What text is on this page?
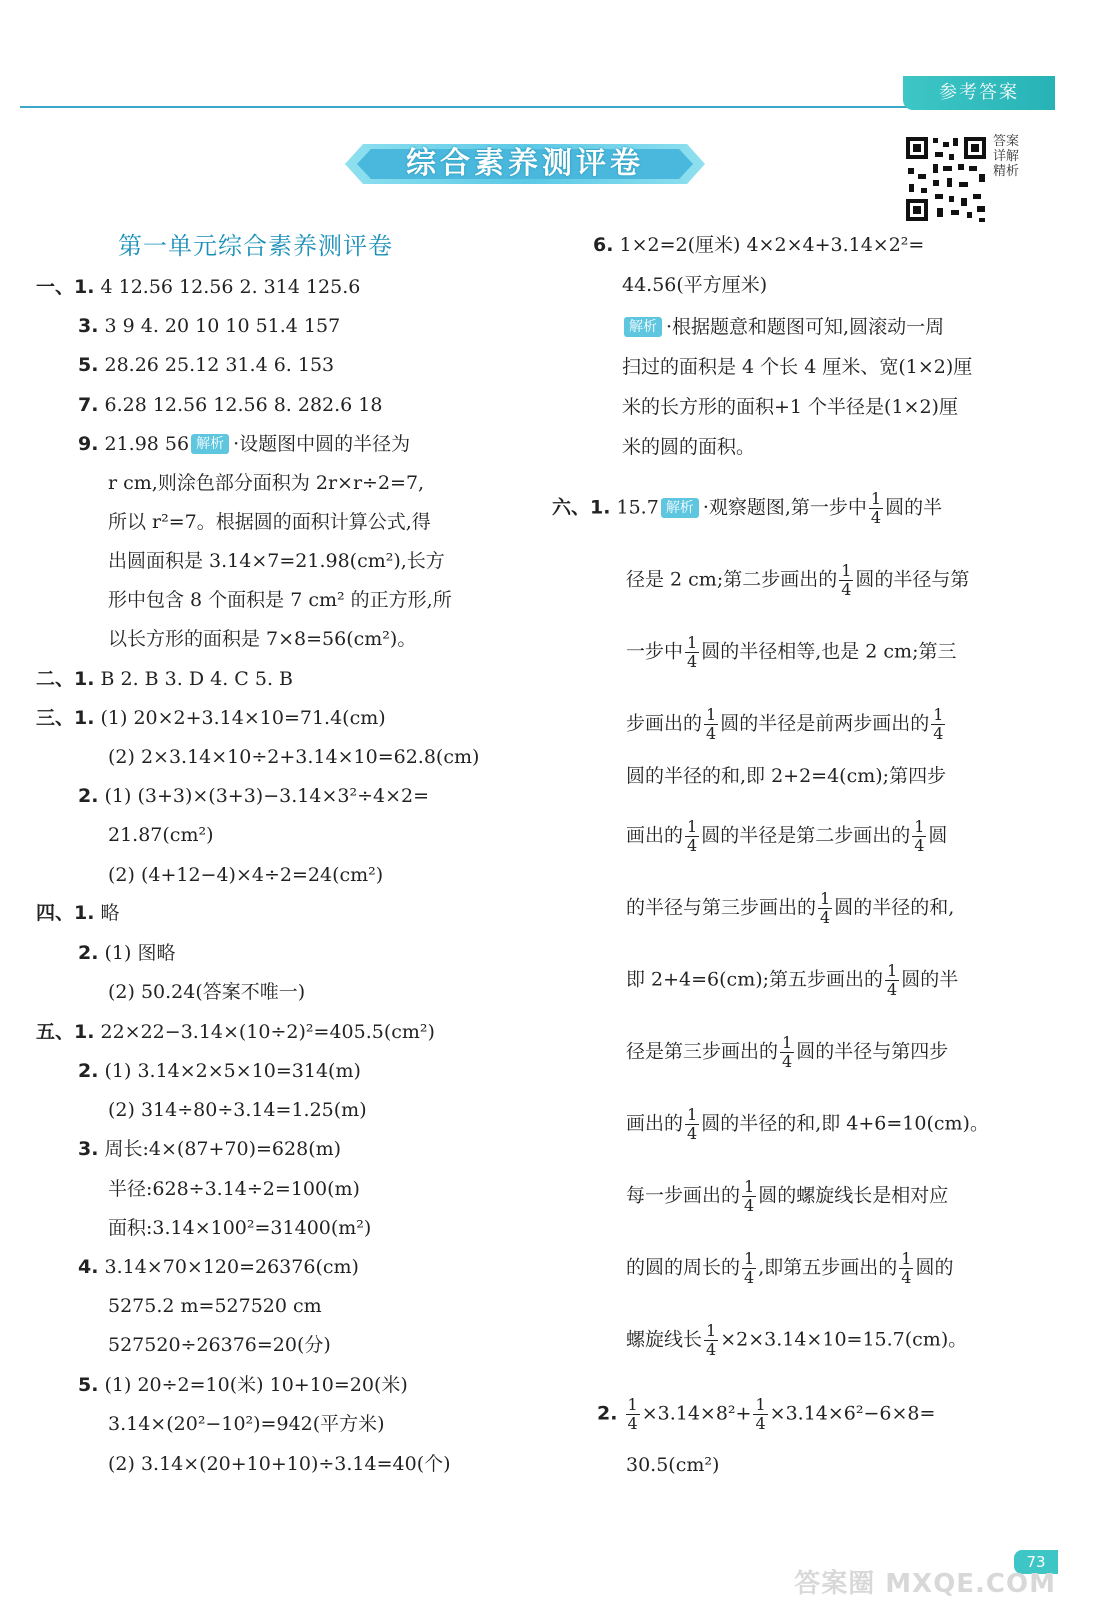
参考答案
综合素养测评卷
答案详解精析
第一单元综合素养测评卷
一、1. 4 12.56 12.56 2. 314 125.6
3. 3 9 4. 20 10 10 51.4 157
5. 28.26 25.12 31.4 6. 153
7. 6.28 12.56 12.56 8. 282.6 18
9. 21.98 56 解析 ·设题图中圆的半径为
r cm,则涂色部分面积为 2r×r÷2=7,
所以 r²=7。根据圆的面积计算公式,得
出圆面积是 3.14×7=21.98(cm²),长方
形中包含 8 个面积是 7 cm² 的正方形,所
以长方形的面积是 7×8=56(cm²)。
二、1. B 2. B 3. D 4. C 5. B
三、1. (1) 20×2+3.14×10=71.4(cm)
(2) 2×3.14×10÷2+3.14×10=62.8(cm)
2. (1) (3+3)×(3+3)−3.14×3²÷4×2=
21.87(cm²)
(2) (4+12−4)×4÷2=24(cm²)
四、1. 略
2. (1) 图略
(2) 50.24(答案不唯一)
五、1. 22×22−3.14×(10÷2)²=405.5(cm²)
2. (1) 3.14×2×5×10=314(m)
(2) 314÷80÷3.14=1.25(m)
3. 周长:4×(87+70)=628(m)
半径:628÷3.14÷2=100(m)
面积:3.14×100²=31400(m²)
4. 3.14×70×120=26376(cm)
5275.2 m=527520 cm
527520÷26376=20(分)
5. (1) 20÷2=10(米) 10+10=20(米)
3.14×(20²−10²)=942(平方米)
(2) 3.14×(20+10+10)÷3.14=40(个)
6. 1×2=2(厘米) 4×2×4+3.14×2²=
44.56(平方厘米)
解析 ·根据题意和题图可知,圆滚动一周
扫过的面积是 4 个长 4 厘米、宽(1×2)厘
米的长方形的面积+1 个半径是(1×2)厘
米的圆的面积。
六、1. 15.7 解析 ·观察题图,第一步中 $\frac{1}{4}$ 圆的半
径是 2 cm;第二步画出的 $\frac{1}{4}$ 圆的半径与第
一步中 $\frac{1}{4}$ 圆的半径相等,也是 2 cm;第三
步画出的 $\frac{1}{4}$ 圆的半径是前两步画出的 $\frac{1}{4}$
圆的半径的和,即 2+2=4(cm);第四步
画出的 $\frac{1}{4}$ 圆的半径是第二步画出的 $\frac{1}{4}$ 圆
的半径与第三步画出的 $\frac{1}{4}$ 圆的半径的和,
即 2+4=6(cm);第五步画出的 $\frac{1}{4}$ 圆的半
径是第三步画出的 $\frac{1}{4}$ 圆的半径与第四步
画出的 $\frac{1}{4}$ 圆的半径的和,即 4+6=10(cm)。
每一步画出的 $\frac{1}{4}$ 圆的螺旋线长是相对应
的圆的周长的 $\frac{1}{4}$ ,即第五步画出的 $\frac{1}{4}$ 圆的
螺旋线长 $\frac{1}{4} \times 2\times 3.14\times 10=15.7(cm)$。
2. $\frac{1}{4} \times 3.14\times 8^2+ \frac{1}{4} \times 3.14\times 6^2-6\times 8=$
30.5(cm²)
73
答案圈 MXQE.COM
